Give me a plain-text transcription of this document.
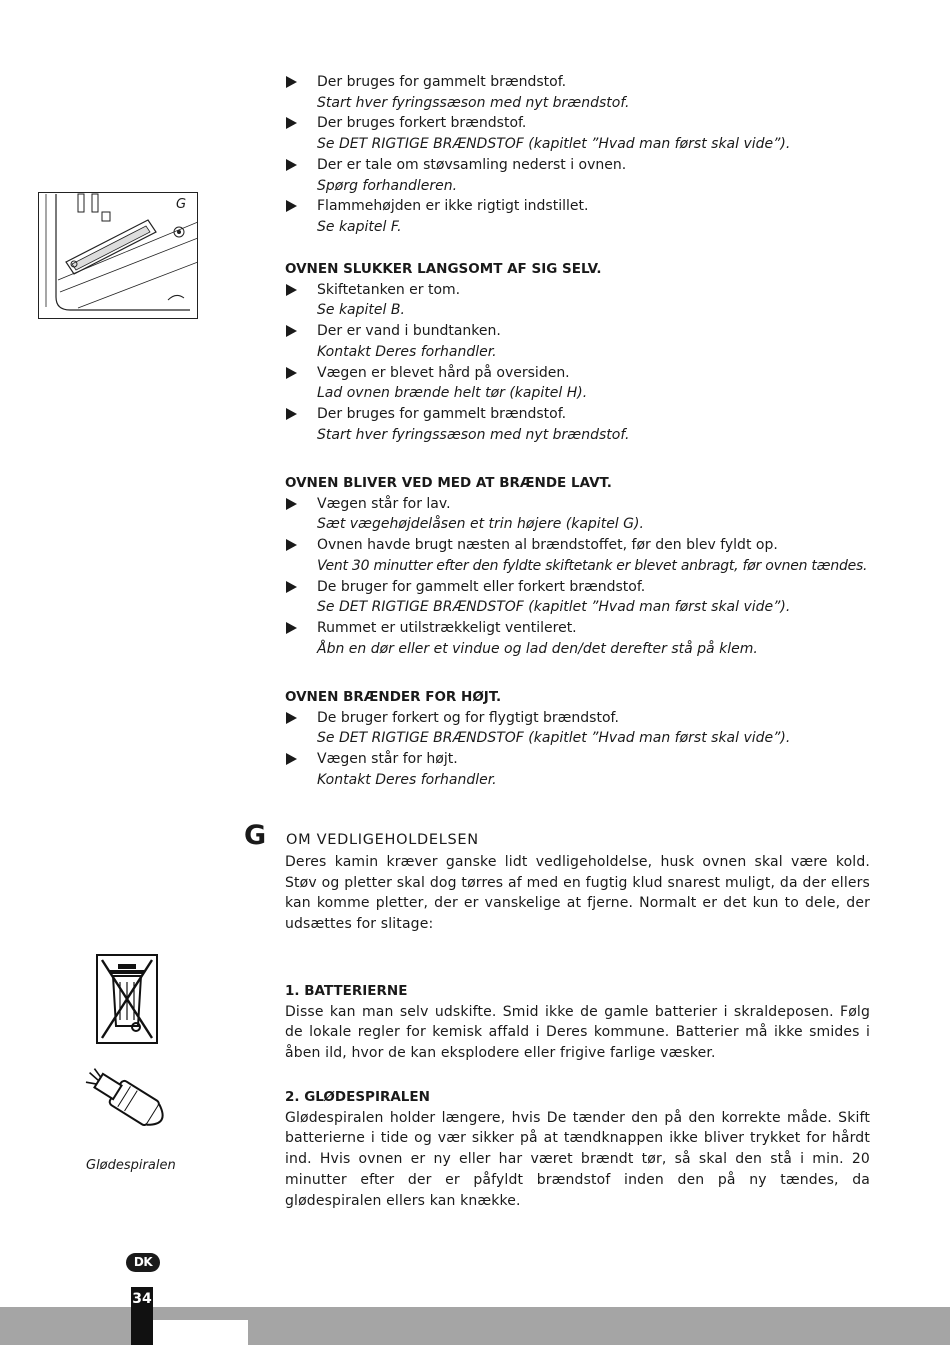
G
Der bruges for gammelt brændstof.
Start hver fyringssæson med nyt brændstof.
Der bruges forkert brændstof.
Se DET RIGTIGE BRÆNDSTOF (kapitlet ”Hvad man først skal vide”).
Der er tale om støvsamling nederst i ovnen.
Spørg forhandleren.
Flammehøjden er ikke rigtigt indstillet.
Se kapitel F.
OVNEN SLUKKER LANGSOMT AF SIG SELV.
Skiftetanken er tom.
Se kapitel B.
Der er vand i bundtanken.
Kontakt Deres forhandler.
Vægen er blevet hård på oversiden.
Lad ovnen brænde helt tør (kapitel H).
Der bruges for gammelt brændstof.
Start hver fyringssæson med nyt brændstof.
OVNEN BLIVER VED MED AT BRÆNDE LAVT.
Vægen står for lav.
Sæt vægehøjdelåsen et trin højere (kapitel G).
Ovnen havde brugt næsten al brændstoffet, før den blev fyldt op.
Vent 30 minutter efter den fyldte skiftetank er blevet anbragt, før ovnen tændes.
De bruger for gammelt eller forkert brændstof.
Se DET RIGTIGE BRÆNDSTOF (kapitlet ”Hvad man først skal vide”).
Rummet er utilstrækkeligt ventileret.
Åbn en dør eller et vindue og lad den/det derefter stå på klem.
OVNEN BRÆNDER FOR HØJT.
De bruger forkert og for flygtigt brændstof.
Se DET RIGTIGE BRÆNDSTOF (kapitlet ”Hvad man først skal vide”).
Vægen står for højt.
Kontakt Deres forhandler.
G OM VEDLIGEHOLDELSEN
Deres kamin kræver ganske lidt vedligeholdelse, husk ovnen skal være kold. Støv og pletter skal dog tørres af med en fugtig klud snarest muligt, da der ellers kan komme pletter, der er vanskelige at fjerne. Normalt er det kun to dele, der udsættes for slitage:
1. BATTERIERNE
Disse kan man selv udskifte. Smid ikke de gamle batterier i skraldeposen. Følg de lokale regler for kemisk affald i Deres kommune. Batterier må ikke smides i åben ild, hvor de kan eksplodere eller frigive farlige væsker.
2. GLØDESPIRALEN
Glødespiralen holder længere, hvis De tænder den på den korrekte måde. Skift batterierne i tide og vær sikker på at tændknappen ikke bliver trykket for hårdt ind. Hvis ovnen er ny eller har været brændt tør, så skal den stå i min. 20 minutter efter der er påfyldt brændstof inden den på ny tændes, da glødespiralen ellers kan knække.
Glødespiralen
DK
34
